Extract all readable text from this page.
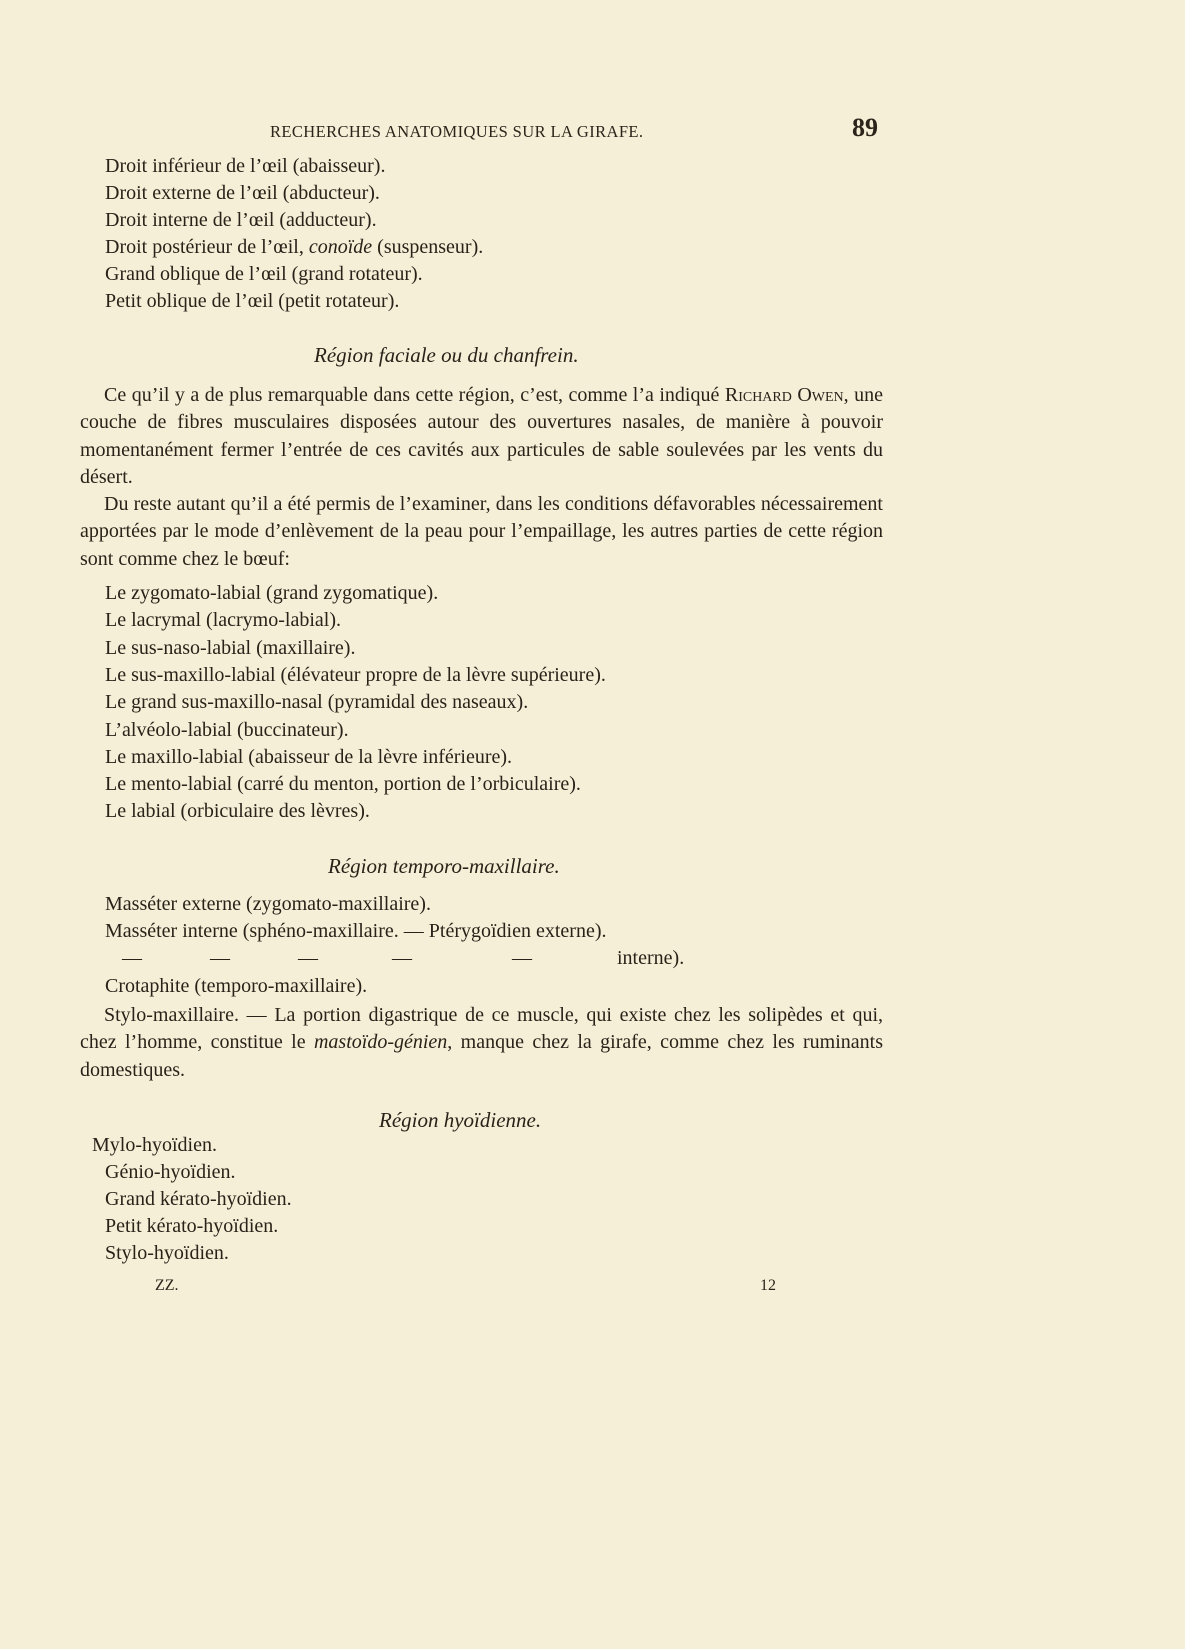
RECHERCHES ANATOMIQUES SUR LA GIRAFE.	89
Droit inférieur de l’œil (abaisseur).
Droit externe de l’œil (abducteur).
Droit interne de l’œil (adducteur).
Droit postérieur de l’œil, conoïde (suspenseur).
Grand oblique de l’œil (grand rotateur).
Petit oblique de l’œil (petit rotateur).
Région faciale ou du chanfrein.

Ce qu’il y a de plus remarquable dans cette région, c’est, comme l’a indiqué Richard Owen, une couche de fibres musculaires disposées autour des ouvertures nasales, de manière à pouvoir momentanément fermer l’entrée de ces cavités aux particules de sable soulevées par les vents du désert.

Du reste autant qu’il a été permis de l’examiner, dans les conditions défavorables nécessairement apportées par le mode d’enlèvement de la peau pour l’empaillage, les autres parties de cette région sont comme chez le bœuf:

Le zygomato-labial (grand zygomatique).
Le lacrymal (lacrymo-labial).
Le sus-naso-labial (maxillaire).
Le sus-maxillo-labial (élévateur propre de la lèvre supérieure).
Le grand sus-maxillo-nasal (pyramidal des naseaux).
L’alvéolo-labial (buccinateur).
Le maxillo-labial (abaisseur de la lèvre inférieure).
Le mento-labial (carré du menton, portion de l’orbiculaire).
Le labial (orbiculaire des lèvres).
Région temporo-maxillaire.
Masséter externe (zygomato-maxillaire).
Masséter interne (sphéno-maxillaire. — Ptérygoïdien externe).
—	—	—	—	—	interne).
Crotaphite (temporo-maxillaire).

Stylo-maxillaire. — La portion digastrique de ce muscle, qui existe chez les solipèdes et qui, chez l’homme, constitue le mastoïdo-génien, manque chez la girafe, comme chez les ruminants domestiques.

Région hyoïdienne.
Mylo-hyoïdien.
Génio-hyoïdien.
Grand kérato-hyoïdien.
Petit kérato-hyoïdien.
Stylo-hyoïdien.
ZZ.	12
